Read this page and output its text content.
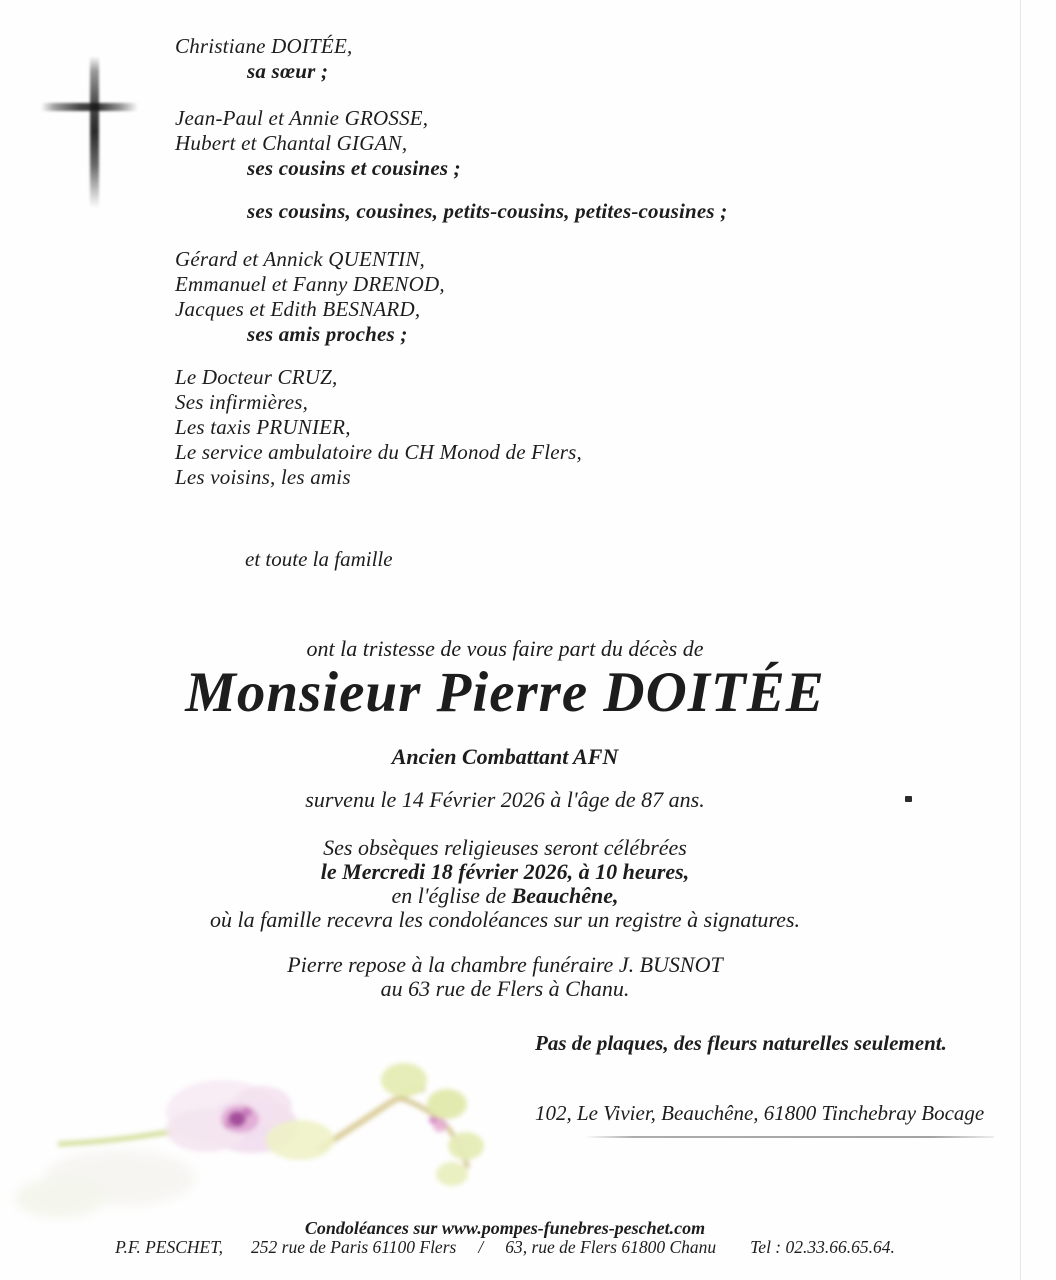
Christiane DOITÉE,
sa sœur ;
Jean-Paul et Annie GROSSE,
Hubert et Chantal GIGAN,
ses cousins et cousines ;
ses cousins, cousines, petits-cousins, petites-cousines ;
Gérard et Annick QUENTIN,
Emmanuel et Fanny DRENOD,
Jacques et Edith BESNARD,
ses amis proches ;
Le Docteur CRUZ,
Ses infirmières,
Les taxis PRUNIER,
Le service ambulatoire du CH Monod de Flers,
Les voisins, les amis
et toute la famille
ont la tristesse de vous faire part du décès de
Monsieur Pierre DOITÉE
Ancien Combattant AFN
survenu le 14 Février 2026 à l'âge de 87 ans.
Ses obsèques religieuses seront célébrées
le Mercredi 18 février 2026, à 10 heures,
en l'église de Beauchêne,
où la famille recevra les condoléances sur un registre à signatures.
Pierre repose à la chambre funéraire J. BUSNOT
au 63 rue de Flers à Chanu.
Pas de plaques, des fleurs naturelles seulement.
102, Le Vivier, Beauchêne, 61800 Tinchebray Bocage
Condoléances sur www.pompes-funebres-peschet.com
P.F. PESCHET, 252 rue de Paris 61100 Flers / 63, rue de Flers 61800 Chanu Tel : 02.33.66.65.64.
